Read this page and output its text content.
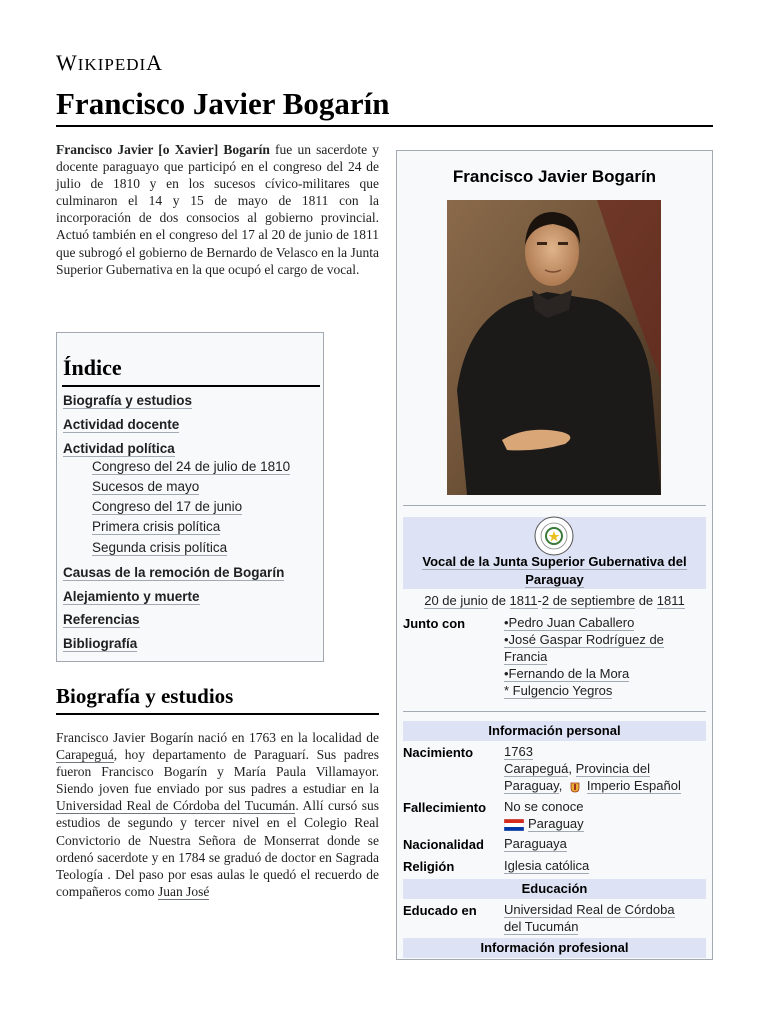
WIKIPEDIA
Francisco Javier Bogarín

Francisco Javier [o Xavier] Bogarín fue un sacerdote y docente paraguayo que participó en el congreso del 24 de julio de 1810 y en los sucesos cívico-militares que culminaron el 14 y 15 de mayo de 1811 con la incorporación de dos consocios al gobierno provincial. Actuó también en el congreso del 17 al 20 de junio de 1811 que subrogó el gobierno de Bernardo de Velasco en la Junta Superior Gubernativa en la que ocupó el cargo de vocal.

Índice
Biografía y estudios
Actividad docente
Actividad política
Congreso del 24 de julio de 1810
Sucesos de mayo
Congreso del 17 de junio
Primera crisis política
Segunda crisis política
Causas de la remoción de Bogarín
Alejamiento y muerte
Referencias
Bibliografía
Biografía y estudios

Francisco Javier Bogarín nació en 1763 en la localidad de Carapeguá, hoy departamento de Paraguarí. Sus padres fueron Francisco Bogarín y María Paula Villamayor. Siendo joven fue enviado por sus padres a estudiar en la Universidad Real de Córdoba del Tucumán. Allí cursó sus estudios de segundo y tercer nivel en el Colegio Real Convictorio de Nuestra Señora de Monserrat donde se ordenó sacerdote y en 1784 se graduó de doctor en Sagrada Teología . Del paso por esas aulas le quedó el recuerdo de compañeros como Juan José

Francisco Javier Bogarín
Vocal de la Junta Superior Gubernativa del Paraguay
20 de junio de 1811-2 de septiembre de 1811
Junto con	•Pedro Juan Caballero
•José Gaspar Rodríguez de
Francia
•Fernando de la Mora
* Fulgencio Yegros
Información personal
Nacimiento 1763
Carapeguá, Provincia del
Paraguay, Imperio Español
Fallecimiento No se conoce
Paraguay
Nacionalidad Paraguaya
Religión	Iglesia católica
Educación
Educado en Universidad Real de Córdoba
del Tucumán
Información profesional
